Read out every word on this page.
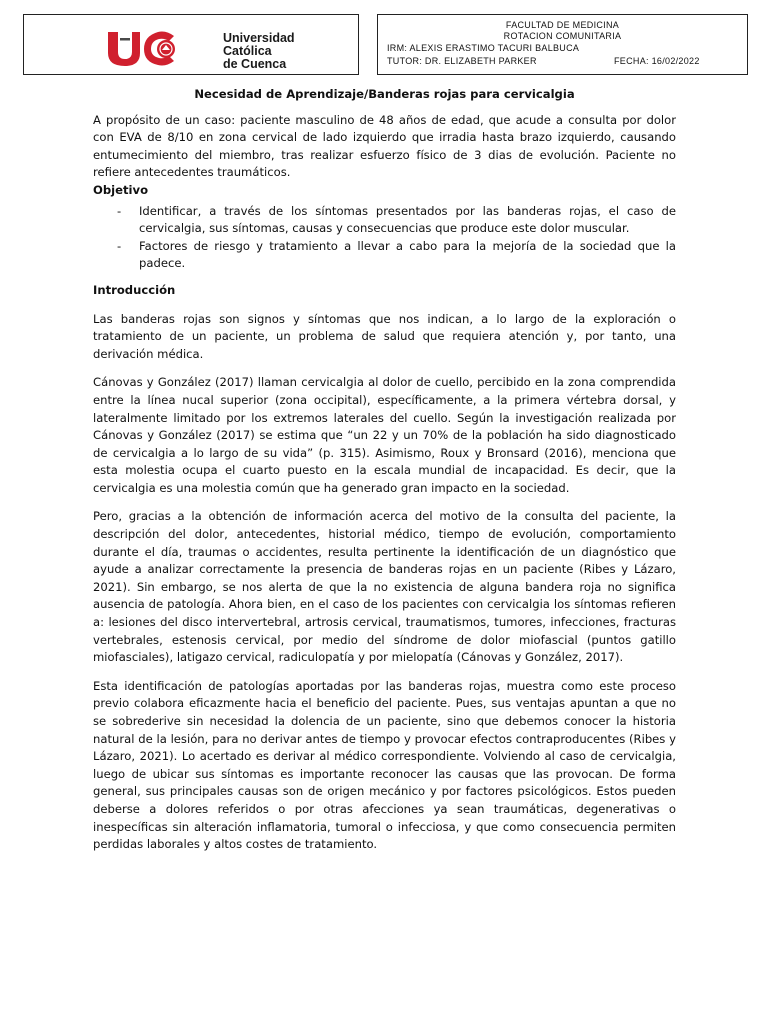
Universidad
Católica
de Cuenca
FACULTAD DE MEDICINA
ROTACION COMUNITARIA
IRM: ALEXIS ERASTIMO TACURI BALBUCA
TUTOR: DR. ELIZABETH PARKER	FECHA: 16/02/2022
Necesidad de Aprendizaje/Banderas rojas para cervicalgia

A propósito de un caso: paciente masculino de 48 años de edad, que acude a consulta por dolor con EVA de 8/10 en zona cervical de lado izquierdo que irradia hasta brazo izquierdo, causando entumecimiento del miembro, tras realizar esfuerzo físico de 3 dias de evolución. Paciente no refiere antecedentes traumáticos.

Objetivo

- Identificar, a través de los síntomas presentados por las banderas rojas, el caso de cervicalgia, sus síntomas, causas y consecuencias que produce este dolor muscular.
- Factores de riesgo y tratamiento a llevar a cabo para la mejoría de la sociedad que la padece.

Introducción

Las banderas rojas son signos y síntomas que nos indican, a lo largo de la exploración o tratamiento de un paciente, un problema de salud que requiera atención y, por tanto, una derivación médica.

Cánovas y González (2017) llaman cervicalgia al dolor de cuello, percibido en la zona comprendida entre la línea nucal superior (zona occipital), específicamente, a la primera vértebra dorsal, y lateralmente limitado por los extremos laterales del cuello. Según la investigación realizada por Cánovas y González (2017) se estima que “un 22 y un 70% de la población ha sido diagnosticado de cervicalgia a lo largo de su vida” (p. 315). Asimismo, Roux y Bronsard (2016), menciona que esta molestia ocupa el cuarto puesto en la escala mundial de incapacidad. Es decir, que la cervicalgia es una molestia común que ha generado gran impacto en la sociedad.

Pero, gracias a la obtención de información acerca del motivo de la consulta del paciente, la descripción del dolor, antecedentes, historial médico, tiempo de evolución, comportamiento durante el día, traumas o accidentes, resulta pertinente la identificación de un diagnóstico que ayude a analizar correctamente la presencia de banderas rojas en un paciente (Ribes y Lázaro, 2021). Sin embargo, se nos alerta de que la no existencia de alguna bandera roja no significa ausencia de patología. Ahora bien, en el caso de los pacientes con cervicalgia los síntomas refieren a: lesiones del disco intervertebral, artrosis cervical, traumatismos, tumores, infecciones, fracturas vertebrales, estenosis cervical, por medio del síndrome de dolor miofascial (puntos gatillo miofasciales), latigazo cervical, radiculopatía y por mielopatía (Cánovas y González, 2017).

Esta identificación de patologías aportadas por las banderas rojas, muestra como este proceso previo colabora eficazmente hacia el beneficio del paciente. Pues, sus ventajas apuntan a que no se sobrederive sin necesidad la dolencia de un paciente, sino que debemos conocer la historia natural de la lesión, para no derivar antes de tiempo y provocar efectos contraproducentes (Ribes y Lázaro, 2021). Lo acertado es derivar al médico correspondiente. Volviendo al caso de cervicalgia, luego de ubicar sus síntomas es importante reconocer las causas que las provocan. De forma general, sus principales causas son de origen mecánico y por factores psicológicos. Estos pueden deberse a dolores referidos o por otras afecciones ya sean traumáticas, degenerativas o inespecíficas sin alteración inflamatoria, tumoral o infecciosa, y que como consecuencia permiten perdidas laborales y altos costes de tratamiento.
